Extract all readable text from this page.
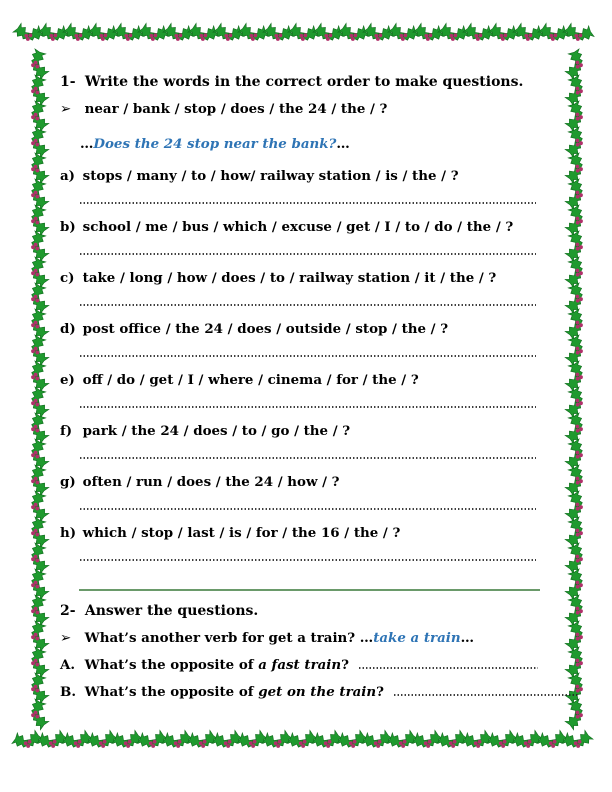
1- Write the words in the correct order to make questions.
➢ near / bank / stop / does / the 24 / the / ?
…Does the 24 stop near the bank?…
a) stops / many / to / how/ railway station / is / the / ?
b) school / me / bus / which / excuse / get / I / to / do / the / ?
c) take / long / how / does / to / railway station / it / the / ?
d) post office / the 24 / does / outside / stop / the / ?
e) off / do / get / I / where / cinema / for / the / ?
f) park / the 24 / does / to / go / the / ?
g) often / run / does / the 24 / how / ?
h) which / stop / last / is / for / the 16 / the / ?
2- Answer the questions.
➢ What’s another verb for get a train? …take a train…
A. What’s the opposite of a fast train?
B. What’s the opposite of get on the train?
